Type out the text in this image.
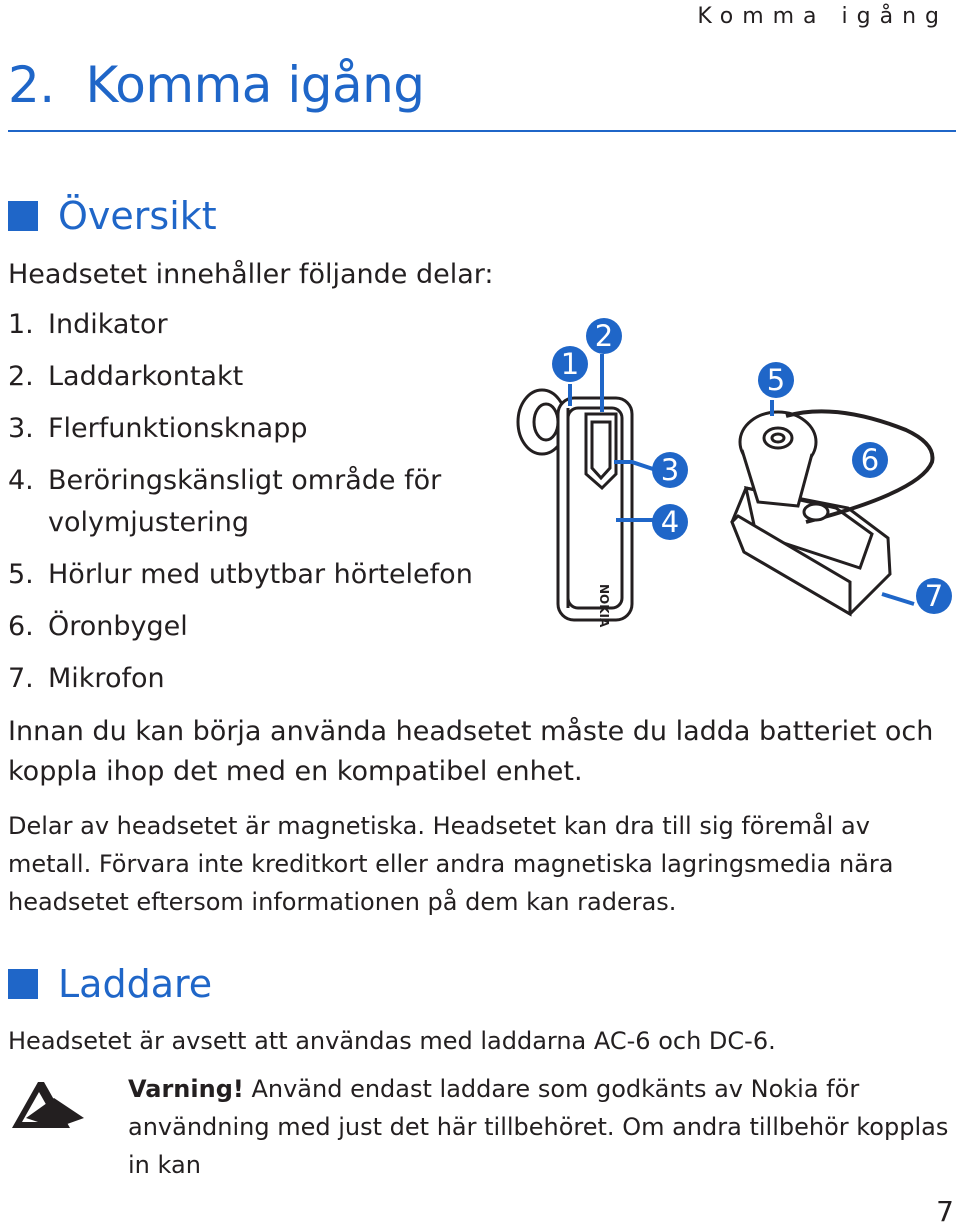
Komma igång
2.  Komma igång
Översikt
Headsetet innehåller följande delar:
1. Indikator
2. Laddarkontakt
3. Flerfunktionsknapp
4. Beröringskänsligt område för volymjustering
5. Hörlur med utbytbar hörtelefon
6. Öronbygel
7. Mikrofon
NOKIA
1
2
3
4
5
6
7
Innan du kan börja använda headsetet måste du ladda batteriet och koppla ihop det med en kompatibel enhet.
Delar av headsetet är magnetiska. Headsetet kan dra till sig föremål av metall. Förvara inte kreditkort eller andra magnetiska lagringsmedia nära headsetet eftersom informationen på dem kan raderas.
Laddare
Headsetet är avsett att användas med laddarna AC-6 och DC-6.
Varning! Använd endast laddare som godkänts av Nokia för användning med just det här tillbehöret. Om andra tillbehör kopplas in kan
7
